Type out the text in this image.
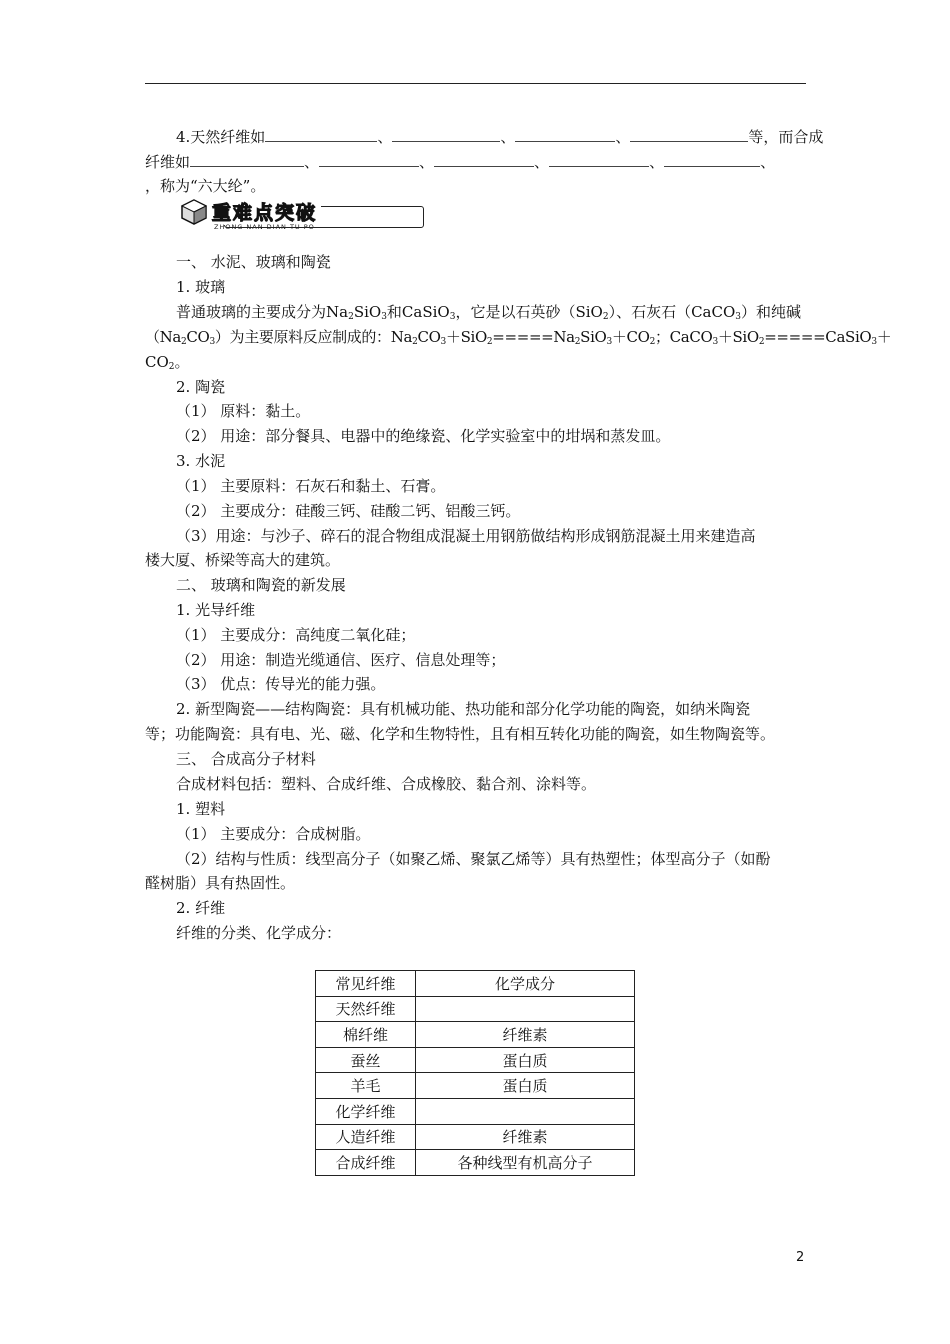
4.天然纤维如	、	、	、	等，而合成
纤维如	、	、	、	、	、
，称为“六大纶”。
重难点突破
ZHONG NAN DIAN TU PO
一、 水泥、玻璃和陶瓷
1. 玻璃
普通玻璃的主要成分为$Na_2SiO_3$和CaSiO$_3$，它是以石英砂（SiO$_2$）、石灰石（CaCO$_3$）和纯碱
$(Na_2CO_3)$为主要原料反应制成的：$Na_2CO_3+SiO_2=====Na_2SiO_3+CO_2$；CaCO$_3$＋SiO$_2$=====CaSiO$_3$＋
$CO_2$。
2. 陶瓷
（1） 原料：黏土。
（2） 用途：部分餐具、电器中的绝缘瓷、化学实验室中的坩埚和蒸发皿。
3. 水泥
（1） 主要原料：石灰石和黏土、石膏。
（2） 主要成分：硅酸三钙、硅酸二钙、铝酸三钙。
（3）用途：与沙子、碎石的混合物组成混凝土用钢筋做结构形成钢筋混凝土用来建造高
楼大厦、桥梁等高大的建筑。
二、 玻璃和陶瓷的新发展
1. 光导纤维
（1） 主要成分：高纯度二氧化硅；
（2） 用途：制造光缆通信、医疗、信息处理等；
（3） 优点：传导光的能力强。
2. 新型陶瓷——结构陶瓷：具有机械功能、热功能和部分化学功能的陶瓷，如纳米陶瓷
等；功能陶瓷：具有电、光、磁、化学和生物特性，且有相互转化功能的陶瓷，如生物陶瓷等。
三、 合成高分子材料
合成材料包括：塑料、合成纤维、合成橡胶、黏合剂、涂料等。
1. 塑料
（1） 主要成分：合成树脂。
（2）结构与性质：线型高分子（如聚乙烯、聚氯乙烯等）具有热塑性；体型高分子（如酚
醛树脂）具有热固性。
2. 纤维
纤维的分类、化学成分：
常见纤维	化学成分
天然纤维	
棉纤维	纤维素
蚕丝	蛋白质
羊毛	蛋白质
化学纤维	
人造纤维	纤维素
合成纤维	各种线型有机高分子
2
